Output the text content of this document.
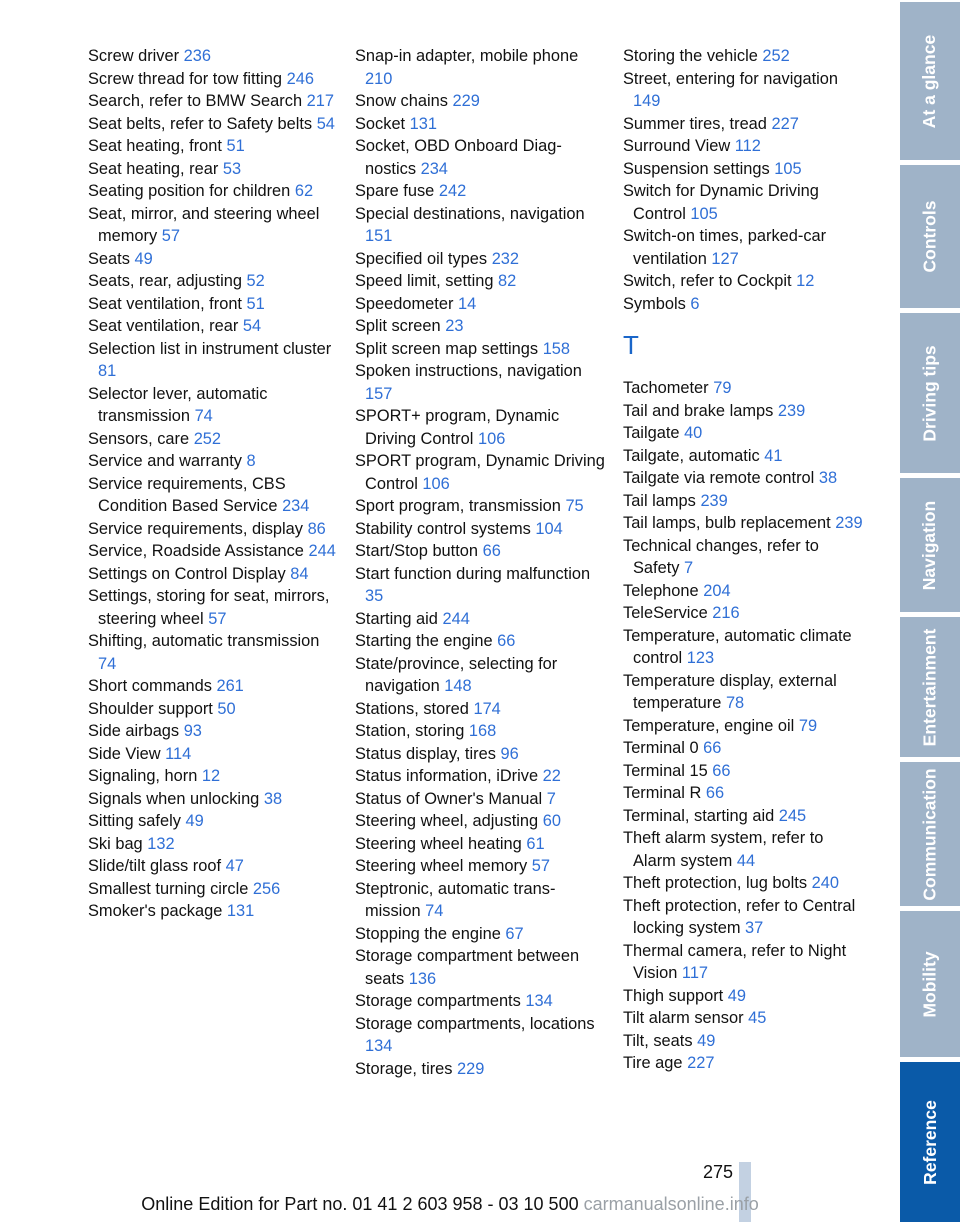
Screw driver 236
Screw thread for tow fitting 246
Search, refer to BMW Search 217
Seat belts, refer to Safety belts 54
Seat heating, front 51
Seat heating, rear 53
Seating position for children 62
Seat, mirror, and steering wheel memory 57
Seats 49
Seats, rear, adjusting 52
Seat ventilation, front 51
Seat ventilation, rear 54
Selection list in instrument cluster 81
Selector lever, automatic transmission 74
Sensors, care 252
Service and warranty 8
Service requirements, CBS Condition Based Service 234
Service requirements, display 86
Service, Roadside Assistance 244
Settings on Control Display 84
Settings, storing for seat, mirrors, steering wheel 57
Shifting, automatic transmission 74
Short commands 261
Shoulder support 50
Side airbags 93
Side View 114
Signaling, horn 12
Signals when unlocking 38
Sitting safely 49
Ski bag 132
Slide/tilt glass roof 47
Smallest turning circle 256
Smoker's package 131
Snap-in adapter, mobile phone 210
Snow chains 229
Socket 131
Socket, OBD Onboard Diagnostics 234
Spare fuse 242
Special destinations, navigation 151
Specified oil types 232
Speed limit, setting 82
Speedometer 14
Split screen 23
Split screen map settings 158
Spoken instructions, navigation 157
SPORT+ program, Dynamic Driving Control 106
SPORT program, Dynamic Driving Control 106
Sport program, transmission 75
Stability control systems 104
Start/Stop button 66
Start function during malfunction 35
Starting aid 244
Starting the engine 66
State/province, selecting for navigation 148
Stations, stored 174
Station, storing 168
Status display, tires 96
Status information, iDrive 22
Status of Owner's Manual 7
Steering wheel, adjusting 60
Steering wheel heating 61
Steering wheel memory 57
Steptronic, automatic transmission 74
Stopping the engine 67
Storage compartment between seats 136
Storage compartments 134
Storage compartments, locations 134
Storage, tires 229
Storing the vehicle 252
Street, entering for navigation 149
Summer tires, tread 227
Surround View 112
Suspension settings 105
Switch for Dynamic Driving Control 105
Switch-on times, parked-car ventilation 127
Switch, refer to Cockpit 12
Symbols 6
T
Tachometer 79
Tail and brake lamps 239
Tailgate 40
Tailgate, automatic 41
Tailgate via remote control 38
Tail lamps 239
Tail lamps, bulb replacement 239
Technical changes, refer to Safety 7
Telephone 204
TeleService 216
Temperature, automatic climate control 123
Temperature display, external temperature 78
Temperature, engine oil 79
Terminal 0 66
Terminal 15 66
Terminal R 66
Terminal, starting aid 245
Theft alarm system, refer to Alarm system 44
Theft protection, lug bolts 240
Theft protection, refer to Central locking system 37
Thermal camera, refer to Night Vision 117
Thigh support 49
Tilt alarm sensor 45
Tilt, seats 49
Tire age 227
At a glance
Controls
Driving tips
Navigation
Entertainment
Communication
Mobility
Reference
275
Online Edition for Part no. 01 41 2 603 958 - 03 10 500 carmanualsonline.info
